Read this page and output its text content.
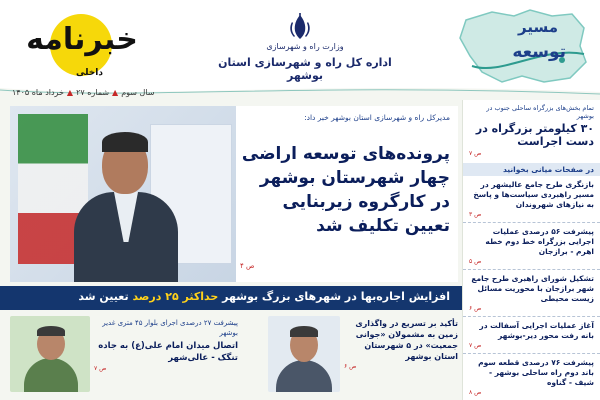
خبرنامه
داخلی
سال سوم▲شماره ۲۷▲خرداد ماه ۱۴۰۵
وزارت راه و شهرسازی
اداره کل راه و شهرسازی استان بوشهر
مسیر
توسعه
تمام بخش‌های بزرگراه ساحلی جنوب در بوشهر
۳۰ کیلومتر بزرگراه در دست اجراست
ص ۷
در صفحات میانی بخوانید
بازنگری طرح جامع عالیشهر در مسیر راهبردی سیاست‌ها و پاسخ به نیازهای شهروندان
ص ۳
پیشرفت ۵۶ درصدی عملیات اجرایی بزرگراه خط دوم خطه اهرم - برازجان
ص ۵
تشکیل شورای راهبری طرح جامع شهر برازجان با محوریت مسائل زیست محیطی
ص ۶
آغاز عملیات اجرایی آسفالت در بانه رفت محور دیر-بوشهر
ص ۷
پیشرفت ۷۶ درصدی قطعه سوم باند دوم راه ساحلی بوشهر - شیف - گناوه
ص ۸
مدیرکل راه و شهرسازی استان بوشهر خبر داد:
پرونده‌های توسعه اراضی چهار شهرستان بوشهر در کارگروه زیربنایی تعیین تکلیف شد
ص ۴
افزایش اجاره‌بها در شهرهای بزرگ بوشهر حداکثر ۲۵ درصد تعیین شد
تأکید بر تسریع در واگذاری زمین به مشمولان «جوانی جمعیت» در ۵ شهرستان استان بوشهر
ص ۶
پیشرفت ۲۷ درصدی اجرای بلوار ۴۵ متری غدیر بوشهر
اتصال میدان امام علی(ع) به جاده تنگک - عالی‌شهر
ص ۷
